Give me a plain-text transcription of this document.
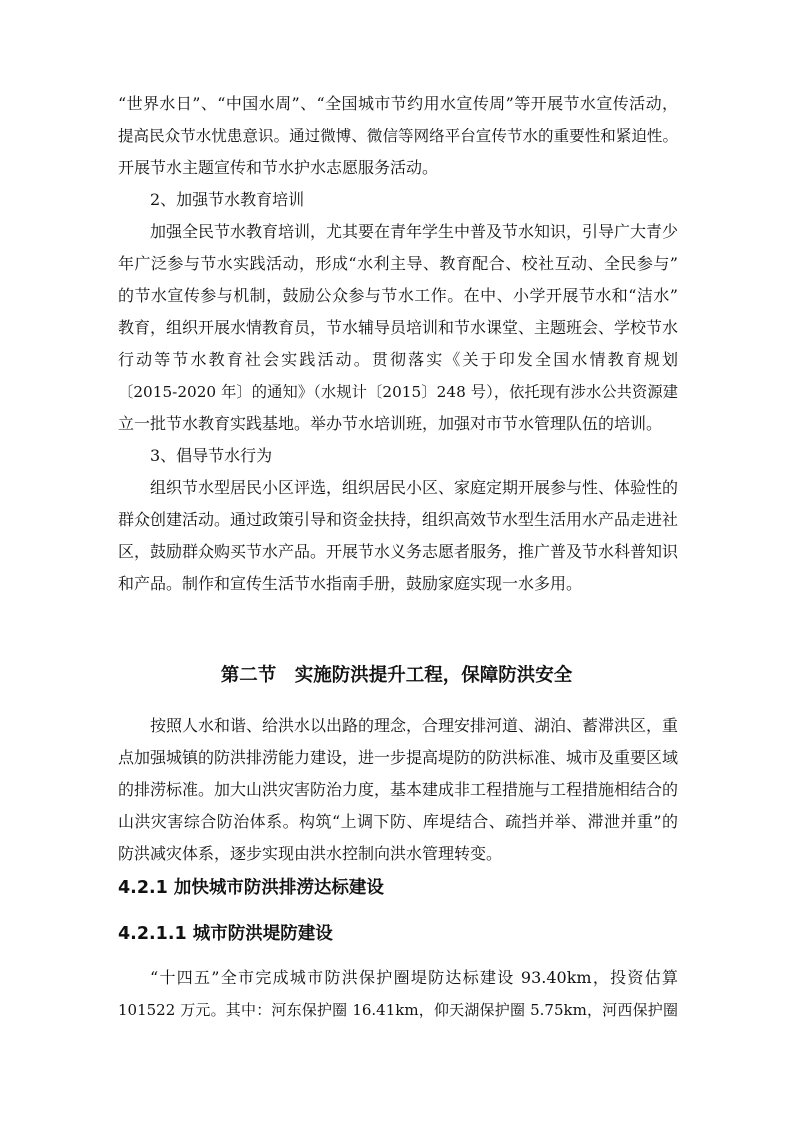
“世界水日”、“中国水周”、“全国城市节约用水宣传周”等开展节水宣传活动，
提高民众节水忧患意识。通过微博、微信等网络平台宣传节水的重要性和紧迫性。
开展节水主题宣传和节水护水志愿服务活动。
2、加强节水教育培训
加强全民节水教育培训，尤其要在青年学生中普及节水知识，引导广大青少
年广泛参与节水实践活动，形成“水利主导、教育配合、校社互动、全民参与”
的节水宣传参与机制，鼓励公众参与节水工作。在中、小学开展节水和“洁水”
教育，组织开展水情教育员，节水辅导员培训和节水课堂、主题班会、学校节水
行动等节水教育社会实践活动。贯彻落实《关于印发全国水情教育规划
〔2015-2020 年〕的通知》（水规计〔2015〕248 号），依托现有涉水公共资源建
立一批节水教育实践基地。举办节水培训班，加强对市节水管理队伍的培训。
3、倡导节水行为
组织节水型居民小区评选，组织居民小区、家庭定期开展参与性、体验性的
群众创建活动。通过政策引导和资金扶持，组织高效节水型生活用水产品走进社
区，鼓励群众购买节水产品。开展节水义务志愿者服务，推广普及节水科普知识
和产品。制作和宣传生活节水指南手册，鼓励家庭实现一水多用。
第二节　实施防洪提升工程，保障防洪安全
按照人水和谐、给洪水以出路的理念，合理安排河道、湖泊、蓄滞洪区，重
点加强城镇的防洪排涝能力建设，进一步提高堤防的防洪标准、城市及重要区域
的排涝标准。加大山洪灾害防治力度，基本建成非工程措施与工程措施相结合的
山洪灾害综合防治体系。构筑“上调下防、库堤结合、疏挡并举、滞泄并重”的
防洪减灾体系，逐步实现由洪水控制向洪水管理转变。
4.2.1 加快城市防洪排涝达标建设
4.2.1.1 城市防洪堤防建设
“十四五”全市完成城市防洪保护圈堤防达标建设 93.40km，投资估算
101522 万元。其中：河东保护圈 16.41km，仰天湖保护圈 5.75km，河西保护圈
